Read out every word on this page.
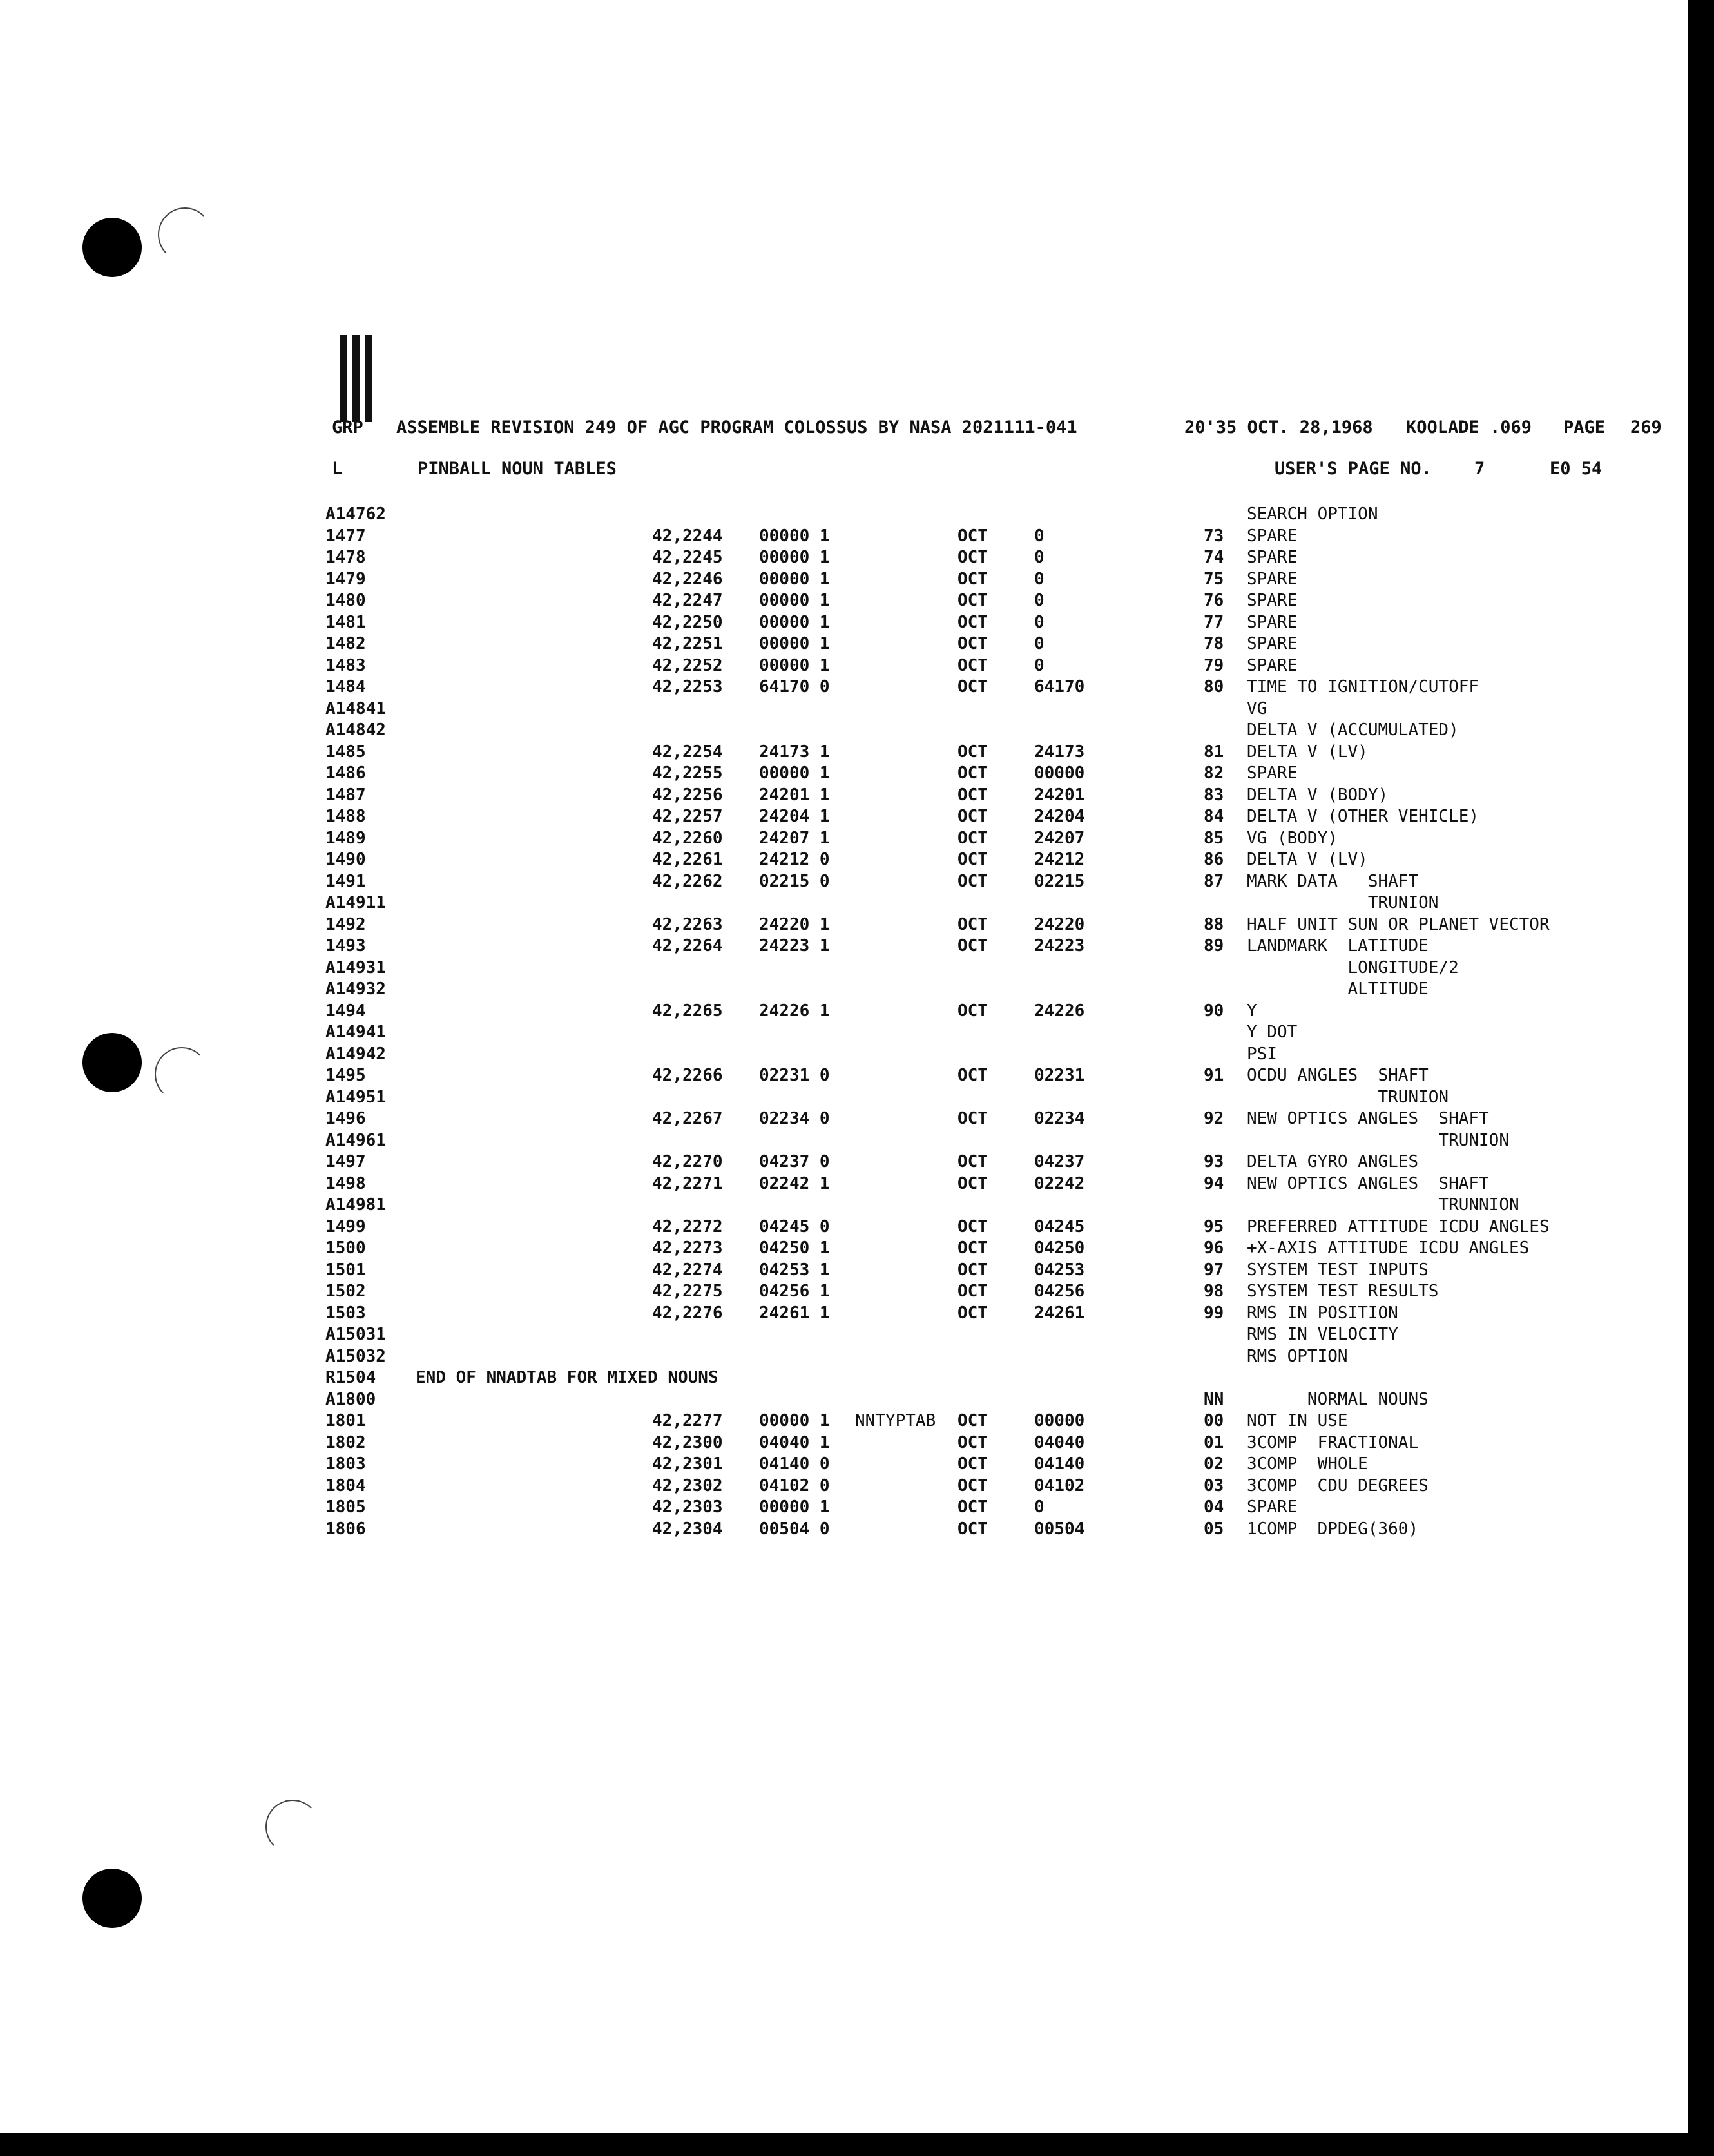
GRP ASSEMBLE REVISION 249 OF AGC PROGRAM COLOSSUS BY NASA 2021111-041	20'35 OCT. 28,1968 KOOLADE .069 PAGE 269
L	PINBALL NOUN TABLES	USER'S PAGE NO. 7	E0 54
A14762	SEARCH OPTION
1477	42,2244 00000 1	OCT	0	73 SPARE
1478	42,2245 00000 1	OCT	0	74 SPARE
1479	42,2246 00000 1	OCT	0	75 SPARE
1480	42,2247 00000 1	OCT	0	76 SPARE
1481	42,2250 00000 1	OCT	0	77 SPARE
1482	42,2251 00000 1	OCT	0	78 SPARE
1483	42,2252 00000 1	OCT	0	79 SPARE
1484	42,2253 64170 0	OCT	64170	80 TIME TO IGNITION/CUTOFF
A14841	VG
A14842	DELTA V (ACCUMULATED)
1485	42,2254 24173 1	OCT	24173	81 DELTA V (LV)
1486	42,2255 00000 1	OCT	00000	82 SPARE
1487	42,2256 24201 1	OCT	24201	83 DELTA V (BODY)
1488	42,2257 24204 1	OCT	24204	84 DELTA V (OTHER VEHICLE)
1489	42,2260 24207 1	OCT	24207	85 VG (BODY)
1490	42,2261 24212 0	OCT	24212	86 DELTA V (LV)
1491	42,2262 02215 0	OCT	02215	87 MARK DATA   SHAFT
A14911	TRUNION
1492	42,2263 24220 1	OCT	24220	88 HALF UNIT SUN OR PLANET VECTOR
1493	42,2264 24223 1	OCT	24223	89 LANDMARK  LATITUDE
A14931	LONGITUDE/2
A14932	ALTITUDE
1494	42,2265 24226 1	OCT	24226	90 Y
A14941	Y DOT
A14942	PSI
1495	42,2266 02231 0	OCT	02231	91 OCDU ANGLES  SHAFT
A14951	TRUNION
1496	42,2267 02234 0	OCT	02234	92 NEW OPTICS ANGLES  SHAFT
A14961	TRUNION
1497	42,2270 04237 0	OCT	04237	93 DELTA GYRO ANGLES
1498	42,2271 02242 1	OCT	02242	94 NEW OPTICS ANGLES  SHAFT
A14981	TRUNNION
1499	42,2272 04245 0	OCT	04245	95 PREFERRED ATTITUDE ICDU ANGLES
1500	42,2273 04250 1	OCT	04250	96 +X-AXIS ATTITUDE ICDU ANGLES
1501	42,2274 04253 1	OCT	04253	97 SYSTEM TEST INPUTS
1502	42,2275 04256 1	OCT	04256	98 SYSTEM TEST RESULTS
1503	42,2276 24261 1	OCT	24261	99 RMS IN POSITION
A15031	RMS IN VELOCITY
A15032	RMS OPTION
R1504 END OF NNADTAB FOR MIXED NOUNS
A1800	NN NORMAL NOUNS
1801	42,2277 00000 1 NNTYPTAB OCT	00000	00 NOT IN USE
1802	42,2300 04040 1	OCT	04040	01 3COMP  FRACTIONAL
1803	42,2301 04140 0	OCT	04140	02 3COMP  WHOLE
1804	42,2302 04102 0	OCT	04102	03 3COMP  CDU DEGREES
1805	42,2303 00000 1	OCT	0	04 SPARE
1806	42,2304 00504 0	OCT	00504	05 1COMP  DPDEG(360)
